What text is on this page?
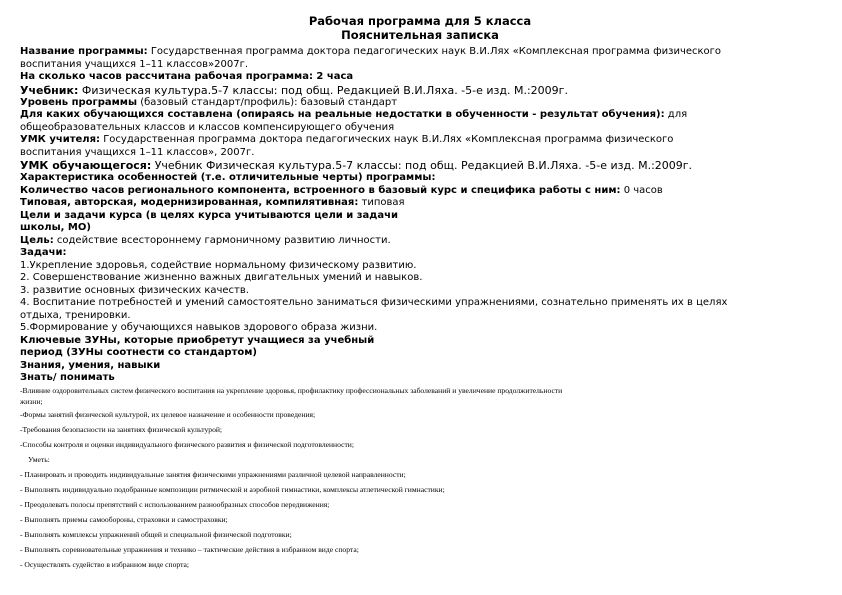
Рабочая программа для 5 класса
Пояснительная записка
Название программы: Государственная программа доктора педагогических наук В.И.Лях «Комплексная программа физического
воспитания учащихся 1–11 классов»2007г.
На сколько часов рассчитана рабочая программа: 2 часа
Учебник: Физическая культура.5-7 классы: под общ. Редакцией В.И.Ляха. -5-е изд. М.:2009г.
Уровень программы (базовый стандарт/профиль): базовый стандарт
Для каких обучающихся составлена (опираясь на реальные недостатки в обученности - результат обучения): для
общеобразовательных классов и классов компенсирующего обучения
УМК учителя: Государственная программа доктора педагогических наук В.И.Лях «Комплексная программа физического
воспитания учащихся 1–11 классов», 2007г.
УМК обучающегося: Учебник Физическая культура.5-7 классы: под общ. Редакцией В.И.Ляха. -5-е изд. М.:2009г.
Характеристика особенностей (т.е. отличительные черты) программы:
Количество часов регионального компонента, встроенного в базовый курс и специфика работы с ним: 0 часов
Типовая, авторская, модернизированная, компилятивная: типовая
Цели и задачи курса (в целях курса учитываются цели и задачи
школы, МО)
Цель: содействие всестороннему гармоничному развитию личности.
Задачи:
1.Укрепление здоровья, содействие нормальному физическому развитию.
2. Совершенствование жизненно важных двигательных умений и навыков.
3. развитие основных физических качеств.
4. Воспитание потребностей и умений самостоятельно заниматься физическими упражнениями, сознательно применять их в целях
отдыха, тренировки.
5.Формирование у обучающихся навыков здорового образа жизни.
Ключевые ЗУНы, которые приобретут учащиеся за учебный
период (ЗУНы соотнести со стандартом)
Знания, умения, навыки
Знать/ понимать
-Влияние оздоровительных систем физического воспитания на укрепление здоровья, профилактику профессиональных заболеваний и увеличение продолжительности
жизни;
-Формы занятий физической культурой, их целевое назначение и особенности проведения;
-Требования безопасности на занятиях физической культурой;
-Способы контроля и оценки индивидуального физического развития и физической подготовленности;
Уметь:
- Планировать и проводить индивидуальные занятия физическими упражнениями различной целевой направленности;
- Выполнять индивидуально подобранные композиции ритмической и аэробной гимнастики, комплексы атлетической гимнастики;
- Преодолевать полосы препятствий с использованием разнообразных способов передвижения;
- Выполнять приемы самообороны, страховки и самостраховки;
- Выполнять комплексы упражнений общей и специальной физической подготовки;
- Выполнять соревновательные упражнения и технико – тактические действия в избранном виде спорта;
- Осуществлять судейство в избранном виде спорта;
